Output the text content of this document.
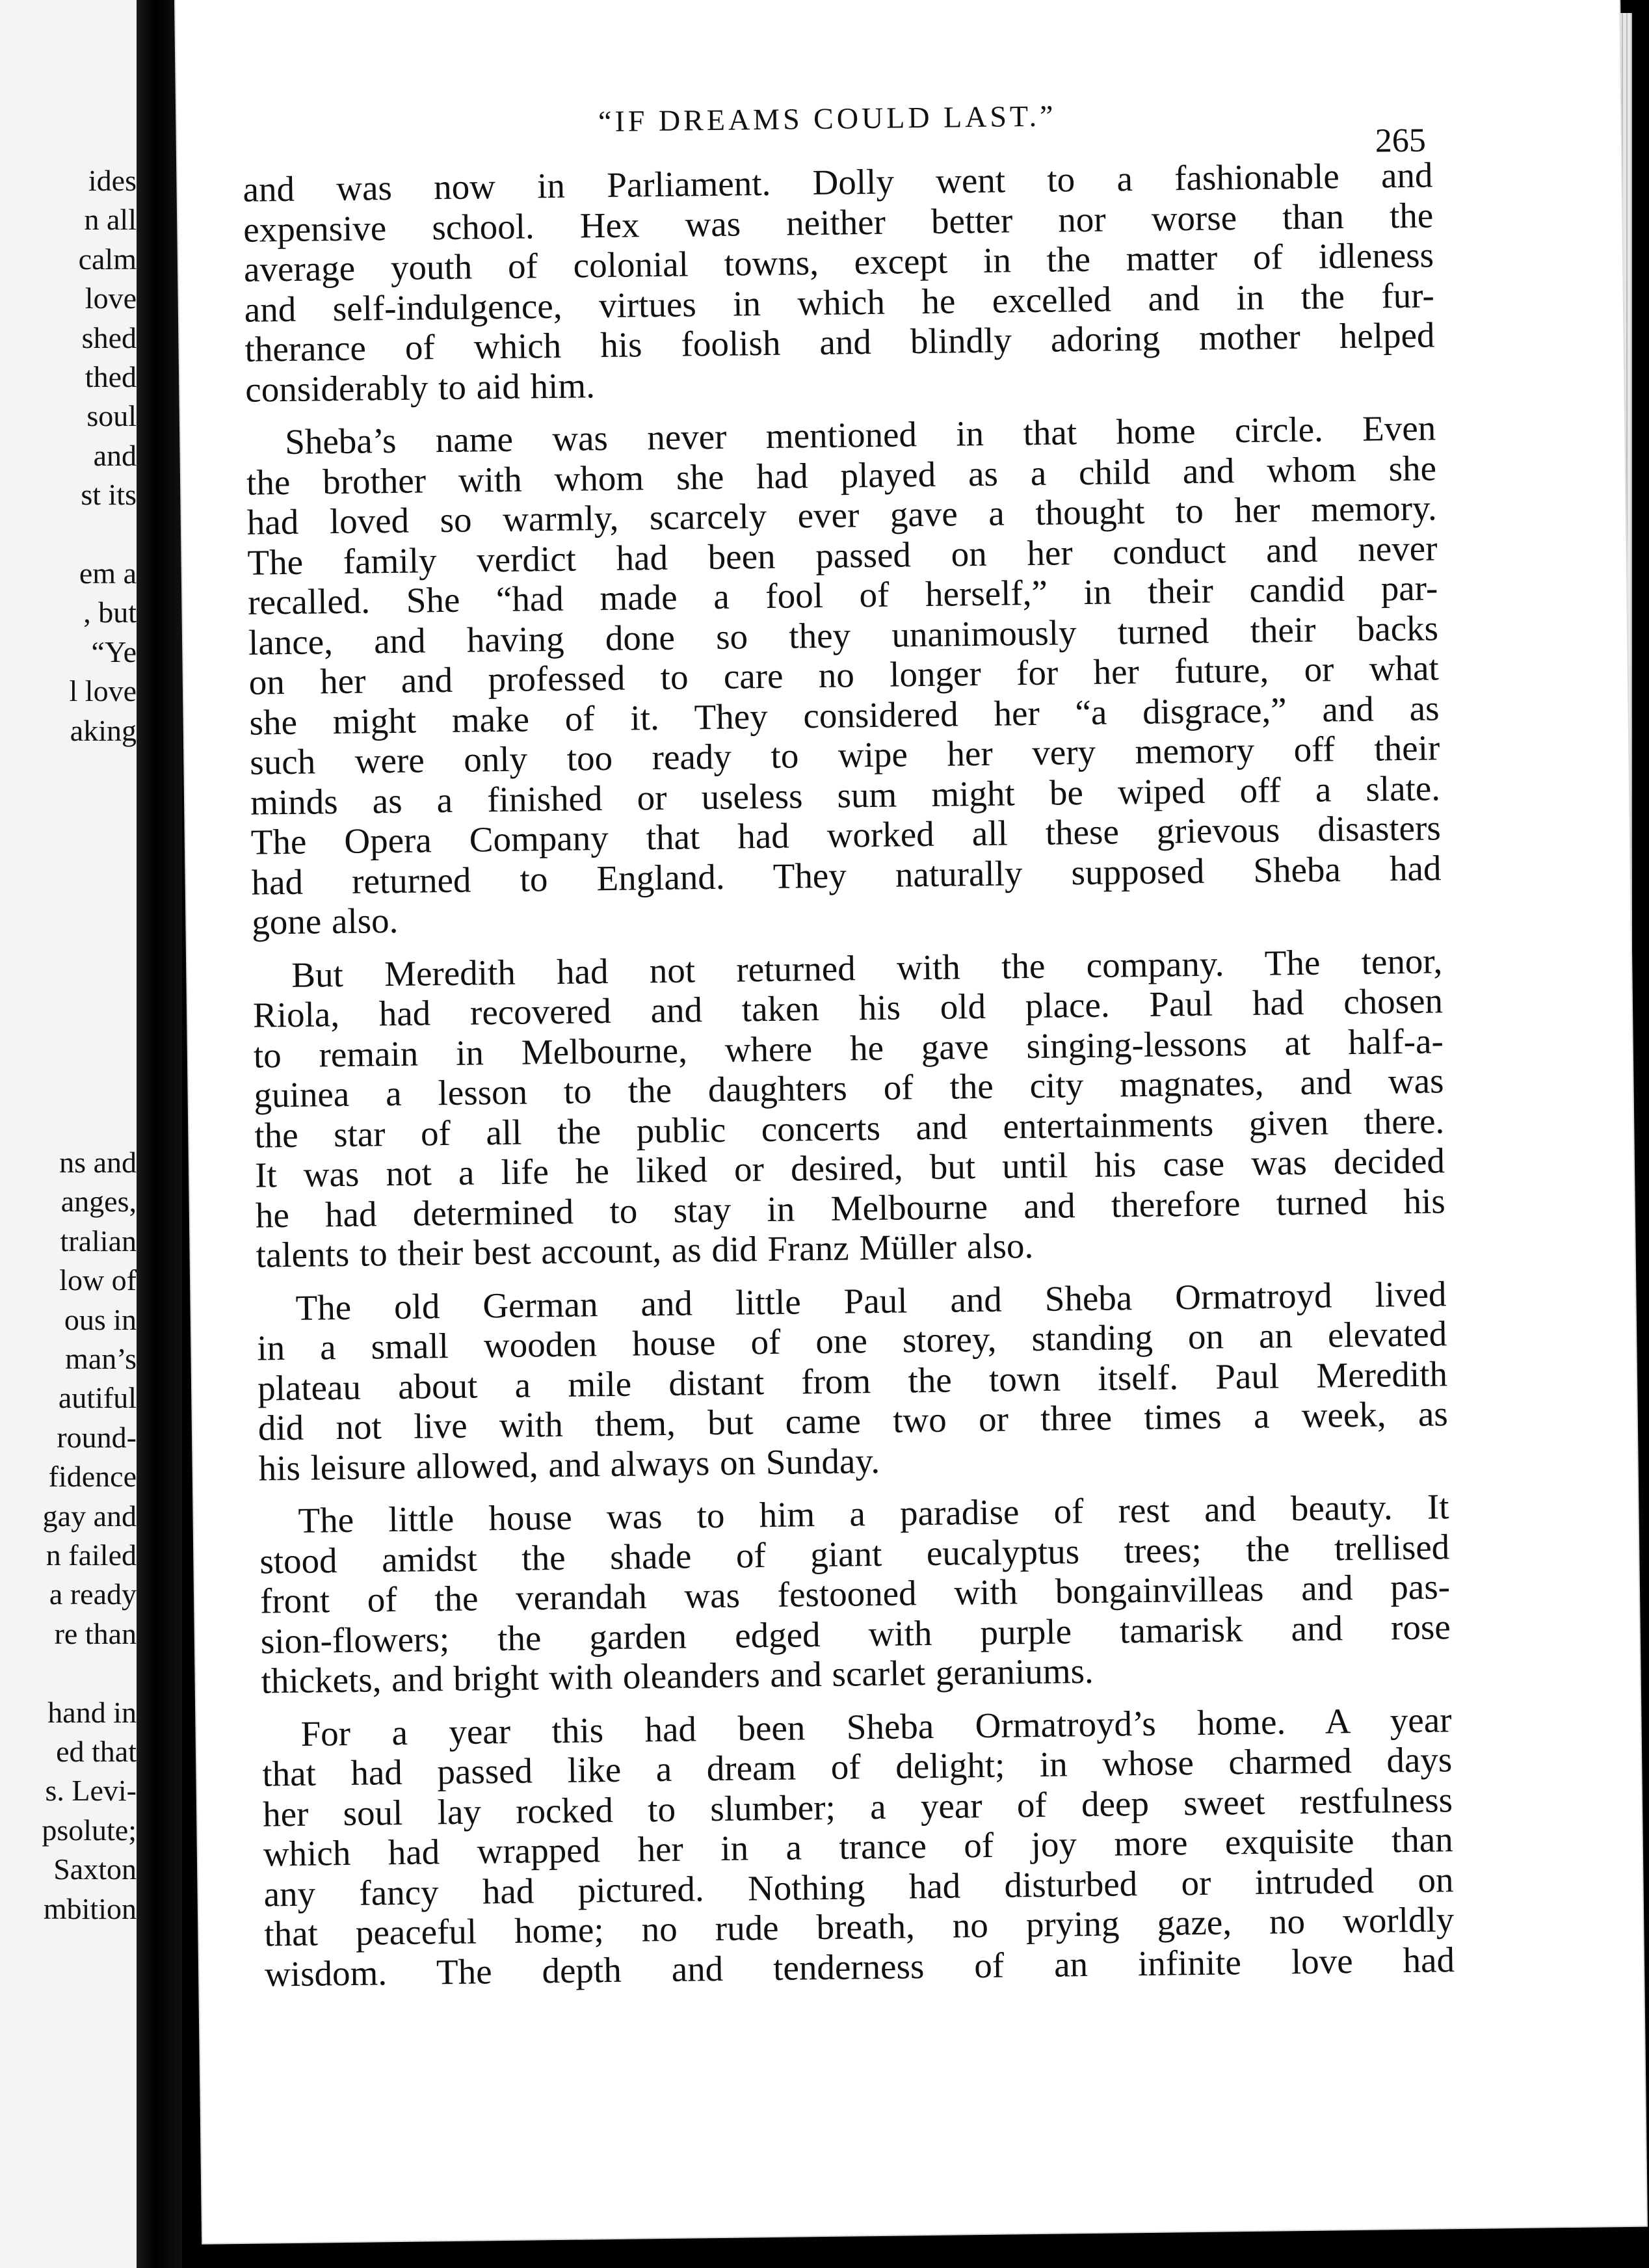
ides
n all
calm
love
shed
thed
soul
and
st its
em a
, but
“Ye
l love
aking
ns and
anges,
tralian
low of
ous in
man’s
autiful
round-
fidence
gay and
n failed
a ready
re than
hand in
ed that
s. Levi-
psolute;
Saxton
mbition
“IF DREAMS COULD LAST.”
265
and was now in Parliament. Dolly went to a fashionable and
expensive school. Hex was neither better nor worse than the
average youth of colonial towns, except in the matter of idleness
and self-indulgence, virtues in which he excelled and in the fur-
therance of which his foolish and blindly adoring mother helped
considerably to aid him.
Sheba’s name was never mentioned in that home circle. Even
the brother with whom she had played as a child and whom she
had loved so warmly, scarcely ever gave a thought to her memory.
The family verdict had been passed on her conduct and never
recalled. She “had made a fool of herself,” in their candid par-
lance, and having done so they unanimously turned their backs
on her and professed to care no longer for her future, or what
she might make of it. They considered her “a disgrace,” and as
such were only too ready to wipe her very memory off their
minds as a finished or useless sum might be wiped off a slate.
The Opera Company that had worked all these grievous disasters
had returned to England. They naturally supposed Sheba had
gone also.
But Meredith had not returned with the company. The tenor,
Riola, had recovered and taken his old place. Paul had chosen
to remain in Melbourne, where he gave singing-lessons at half-a-
guinea a lesson to the daughters of the city magnates, and was
the star of all the public concerts and entertainments given there.
It was not a life he liked or desired, but until his case was decided
he had determined to stay in Melbourne and therefore turned his
talents to their best account, as did Franz Müller also.
The old German and little Paul and Sheba Ormatroyd lived
in a small wooden house of one storey, standing on an elevated
plateau about a mile distant from the town itself. Paul Meredith
did not live with them, but came two or three times a week, as
his leisure allowed, and always on Sunday.
The little house was to him a paradise of rest and beauty. It
stood amidst the shade of giant eucalyptus trees; the trellised
front of the verandah was festooned with bongainvilleas and pas-
sion-flowers; the garden edged with purple tamarisk and rose
thickets, and bright with oleanders and scarlet geraniums.
For a year this had been Sheba Ormatroyd’s home. A year
that had passed like a dream of delight; in whose charmed days
her soul lay rocked to slumber; a year of deep sweet restfulness
which had wrapped her in a trance of joy more exquisite than
any fancy had pictured. Nothing had disturbed or intruded on
that peaceful home; no rude breath, no prying gaze, no worldly
wisdom. The depth and tenderness of an infinite love had
